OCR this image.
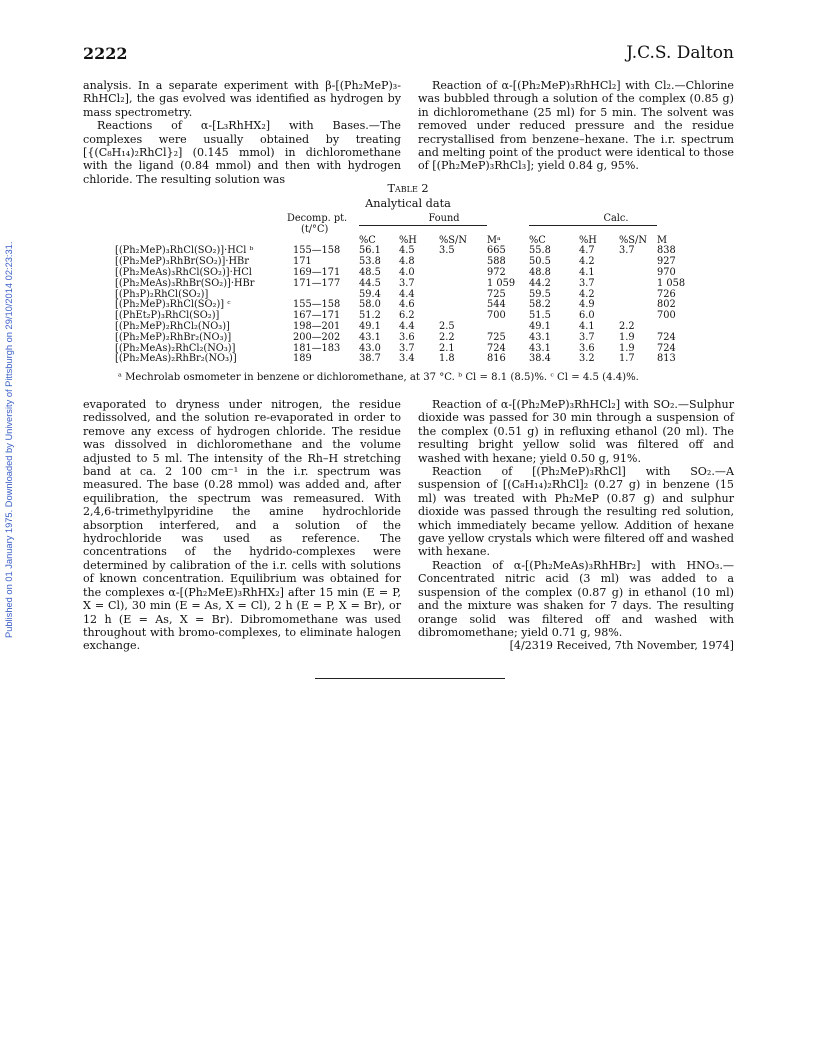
Published on 01 January 1975. Downloaded by University of Pittsburgh on 29/10/2014 02:23:31.
2222	J.C.S. Dalton

analysis. In a separate experiment with β-[(Ph₂MeP)₃-RhHCl₂], the gas evolved was identified as hydrogen by mass spectrometry.

Reactions of α-[L₃RhHX₂] with Bases.—The complexes were usually obtained by treating [{(C₈H₁₄)₂RhCl}₂] (0.145 mmol) in dichloromethane with the ligand (0.84 mmol) and then with hydrogen chloride. The resulting solution was

Reaction of α-[(Ph₂MeP)₃RhHCl₂] with Cl₂.—Chlorine was bubbled through a solution of the complex (0.85 g) in dichloromethane (25 ml) for 5 min. The solvent was removed under reduced pressure and the residue recrystallised from benzene–hexane. The i.r. spectrum and melting point of the product were identical to those of [(Ph₂MeP)₃RhCl₃]; yield 0.84 g, 95%.

Table 2
Analytical data
	Decomp. pt.	Found				Calc.			
	(t/°C)					

		%C	%H	%S/N	Mᵃ	%C	%H	%S/N	M
[(Ph₂MeP)₃RhCl(SO₂)]·HCl ᵇ	155—158	56.1	4.5	3.5	665	55.8	4.7	3.7	838
[(Ph₂MeP)₃RhBr(SO₂)]·HBr	171	53.8	4.8		588	50.5	4.2		927
[(Ph₂MeAs)₃RhCl(SO₂)]·HCl	169—171	48.5	4.0		972	48.8	4.1		970
[(Ph₂MeAs)₃RhBr(SO₂)]·HBr	171—177	44.5	3.7		1 059	44.2	3.7		1 058
[(Ph₃P)₂RhCl(SO₂)]		59.4	4.4		725	59.5	4.2		726
[(Ph₂MeP)₃RhCl(SO₂)] ᶜ	155—158	58.0	4.6		544	58.2	4.9		802
[(PhEt₂P)₃RhCl(SO₂)]	167—171	51.2	6.2		700	51.5	6.0		700
[(Ph₂MeP)₂RhCl₂(NO₃)]	198—201	49.1	4.4	2.5		49.1	4.1	2.2	
[(Ph₂MeP)₂RhBr₂(NO₃)]	200—202	43.1	3.6	2.2	725	43.1	3.7	1.9	724
[(Ph₂MeAs)₂RhCl₂(NO₃)]	181—183	43.0	3.7	2.1	724	43.1	3.6	1.9	724
[(Ph₂MeAs)₂RhBr₂(NO₃)]	189	38.7	3.4	1.8	816	38.4	3.2	1.7	813
ᵃ Mechrolab osmometer in benzene or dichloromethane, at 37 °C. ᵇ Cl = 8.1 (8.5)%. ᶜ Cl = 4.5 (4.4)%.

evaporated to dryness under nitrogen, the residue redissolved, and the solution re-evaporated in order to remove any excess of hydrogen chloride. The residue was dissolved in dichloromethane and the volume adjusted to 5 ml. The intensity of the Rh–H stretching band at ca. 2 100 cm⁻¹ in the i.r. spectrum was measured. The base (0.28 mmol) was added and, after equilibration, the spectrum was remeasured. With 2,4,6-trimethylpyridine the amine hydrochloride absorption interfered, and a solution of the hydrochloride was used as reference. The concentrations of the hydrido-complexes were determined by calibration of the i.r. cells with solutions of known concentration. Equilibrium was obtained for the complexes α-[(Ph₂MeE)₃RhHX₂] after 15 min (E = P, X = Cl), 30 min (E = As, X = Cl), 2 h (E = P, X = Br), or 12 h (E = As, X = Br). Dibromomethane was used throughout with bromo-complexes, to eliminate halogen exchange.

Reaction of α-[(Ph₂MeP)₃RhHCl₂] with SO₂.—Sulphur dioxide was passed for 30 min through a suspension of the complex (0.51 g) in refluxing ethanol (20 ml). The resulting bright yellow solid was filtered off and washed with hexane; yield 0.50 g, 91%.

Reaction of [(Ph₂MeP)₃RhCl] with SO₂.—A suspension of [(C₈H₁₄)₂RhCl]₂ (0.27 g) in benzene (15 ml) was treated with Ph₂MeP (0.87 g) and sulphur dioxide was passed through the resulting red solution, which immediately became yellow. Addition of hexane gave yellow crystals which were filtered off and washed with hexane.

Reaction of α-[(Ph₂MeAs)₃RhHBr₂] with HNO₃.—Concentrated nitric acid (3 ml) was added to a suspension of the complex (0.87 g) in ethanol (10 ml) and the mixture was shaken for 7 days. The resulting orange solid was filtered off and washed with dibromomethane; yield 0.71 g, 98%.

[4/2319 Received, 7th November, 1974]
